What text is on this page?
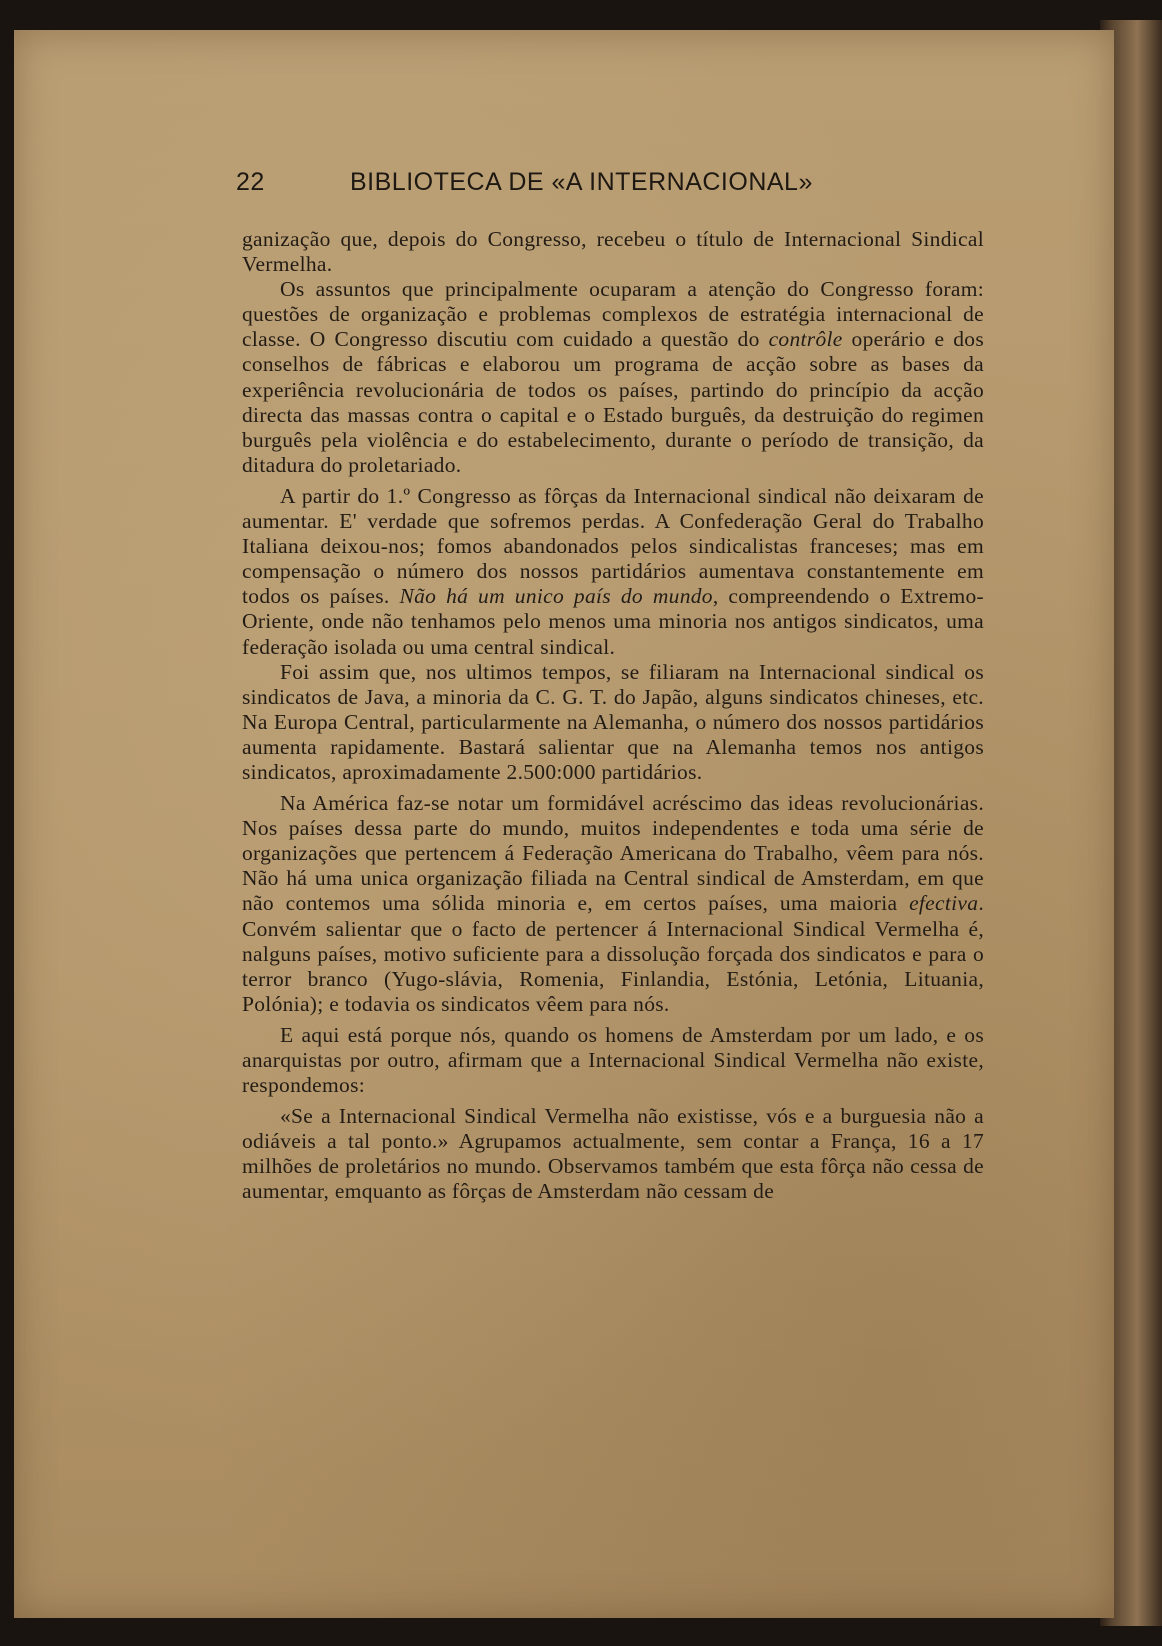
22	BIBLIOTECA DE «A INTERNACIONAL»

ganização que, depois do Congresso, recebeu o título de Internacional Sindical Vermelha.

Os assuntos que principalmente ocuparam a atenção do Congresso foram: questões de organização e problemas complexos de estratégia internacional de classe. O Congresso discutiu com cuidado a questão do contrôle operário e dos conselhos de fábricas e elaborou um programa de acção sobre as bases da experiência revolucionária de todos os países, partindo do princípio da acção directa das massas contra o capital e o Estado burguês, da destruição do regimen burguês pela violência e do estabelecimento, durante o período de transição, da ditadura do proletariado.

A partir do 1.º Congresso as fôrças da Internacional sindical não deixaram de aumentar. E' verdade que sofremos perdas. A Confederação Geral do Trabalho Italiana deixou-nos; fomos abandonados pelos sindicalistas franceses; mas em compensação o número dos nossos partidários aumentava constantemente em todos os países. Não há um unico país do mundo, compreendendo o Extremo-Oriente, onde não tenhamos pelo menos uma minoria nos antigos sindicatos, uma federação isolada ou uma central sindical.

Foi assim que, nos ultimos tempos, se filiaram na Internacional sindical os sindicatos de Java, a minoria da C. G. T. do Japão, alguns sindicatos chineses, etc. Na Europa Central, particularmente na Alemanha, o número dos nossos partidários aumenta rapidamente. Bastará salientar que na Alemanha temos nos antigos sindicatos, aproximadamente 2.500:000 partidários.

Na América faz-se notar um formidável acréscimo das ideas revolucionárias. Nos países dessa parte do mundo, muitos independentes e toda uma série de organizações que pertencem á Federação Americana do Trabalho, vêem para nós. Não há uma unica organização filiada na Central sindical de Amsterdam, em que não contemos uma sólida minoria e, em certos países, uma maioria efectiva. Convém salientar que o facto de pertencer á Internacional Sindical Vermelha é, nalguns países, motivo suficiente para a dissolução forçada dos sindicatos e para o terror branco (Yugo-slávia, Romenia, Finlandia, Estónia, Letónia, Lituania, Polónia); e todavia os sindicatos vêem para nós.

E aqui está porque nós, quando os homens de Amsterdam por um lado, e os anarquistas por outro, afirmam que a Internacional Sindical Vermelha não existe, respondemos:

«Se a Internacional Sindical Vermelha não existisse, vós e a burguesia não a odiáveis a tal ponto.» Agrupamos actualmente, sem contar a França, 16 a 17 milhões de proletários no mundo. Observamos também que esta fôrça não cessa de aumentar, emquanto as fôrças de Amsterdam não cessam de
